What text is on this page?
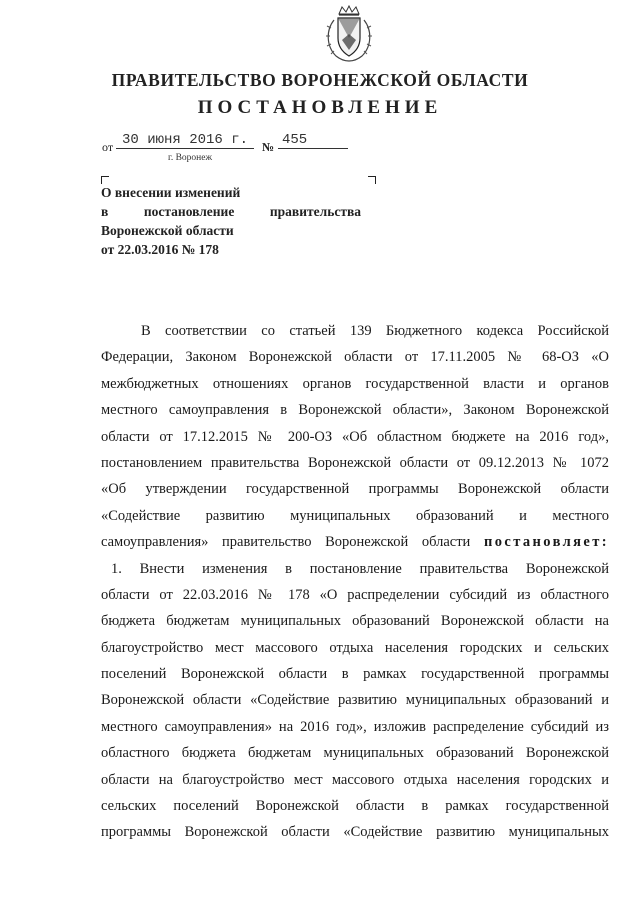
ПРАВИТЕЛЬСТВО ВОРОНЕЖСКОЙ ОБЛАСТИ
ПОСТАНОВЛЕНИЕ
от 30 июня 2016 г.	№ 455
г. Воронеж
О внесении изменений
в постановление правительства
Воронежской области
от 22.03.2016 № 178
В соответствии со статьей 139 Бюджетного кодекса Российской
Федерации, Законом Воронежской области от 17.11.2005 № 68-ОЗ «О
межбюджетных отношениях органов государственной власти и органов
местного самоуправления в Воронежской области», Законом Воронежской
области от 17.12.2015 № 200-ОЗ «Об областном бюджете на 2016 год»,
постановлением правительства Воронежской области от 09.12.2013 № 1072
«Об утверждении государственной программы Воронежской области
«Содействие развитию муниципальных образований и местного
самоуправления» правительство Воронежской области постановляет:
1. Внести изменения в постановление правительства Воронежской
области от 22.03.2016 № 178 «О распределении субсидий из областного
бюджета бюджетам муниципальных образований Воронежской области на
благоустройство мест массового отдыха населения городских и сельских
поселений Воронежской области в рамках государственной программы
Воронежской области «Содействие развитию муниципальных образований и
местного самоуправления» на 2016 год», изложив распределение субсидий из
областного бюджета бюджетам муниципальных образований Воронежской
области на благоустройство мест массового отдыха населения городских и
сельских поселений Воронежской области в рамках государственной
программы Воронежской области «Содействие развитию муниципальных
